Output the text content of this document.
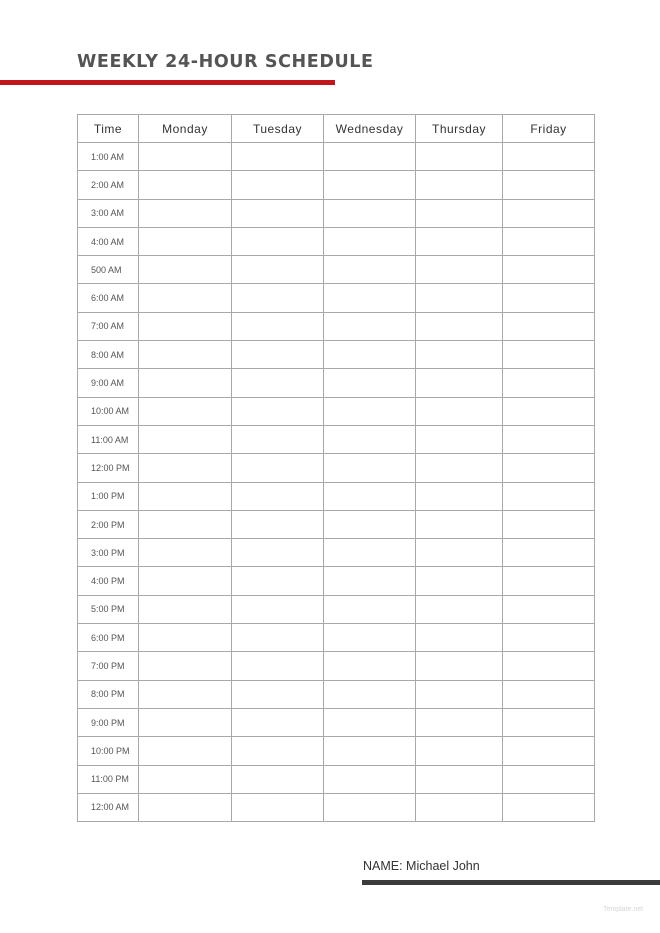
WEEKLY 24-HOUR SCHEDULE
Time	Monday	Tuesday	Wednesday	Thursday	Friday
1:00 AM					
2:00 AM					
3:00 AM					
4:00 AM					
500 AM					
6:00 AM					
7:00 AM					
8:00 AM					
9:00 AM					
10:00 AM					
11:00 AM					
12:00 PM					
1:00 PM					
2:00 PM					
3:00 PM					
4:00 PM					
5:00 PM					
6:00 PM					
7:00 PM					
8:00 PM					
9:00 PM					
10:00 PM					
11:00 PM					
12:00 AM					
NAME: Michael John
Template.net
